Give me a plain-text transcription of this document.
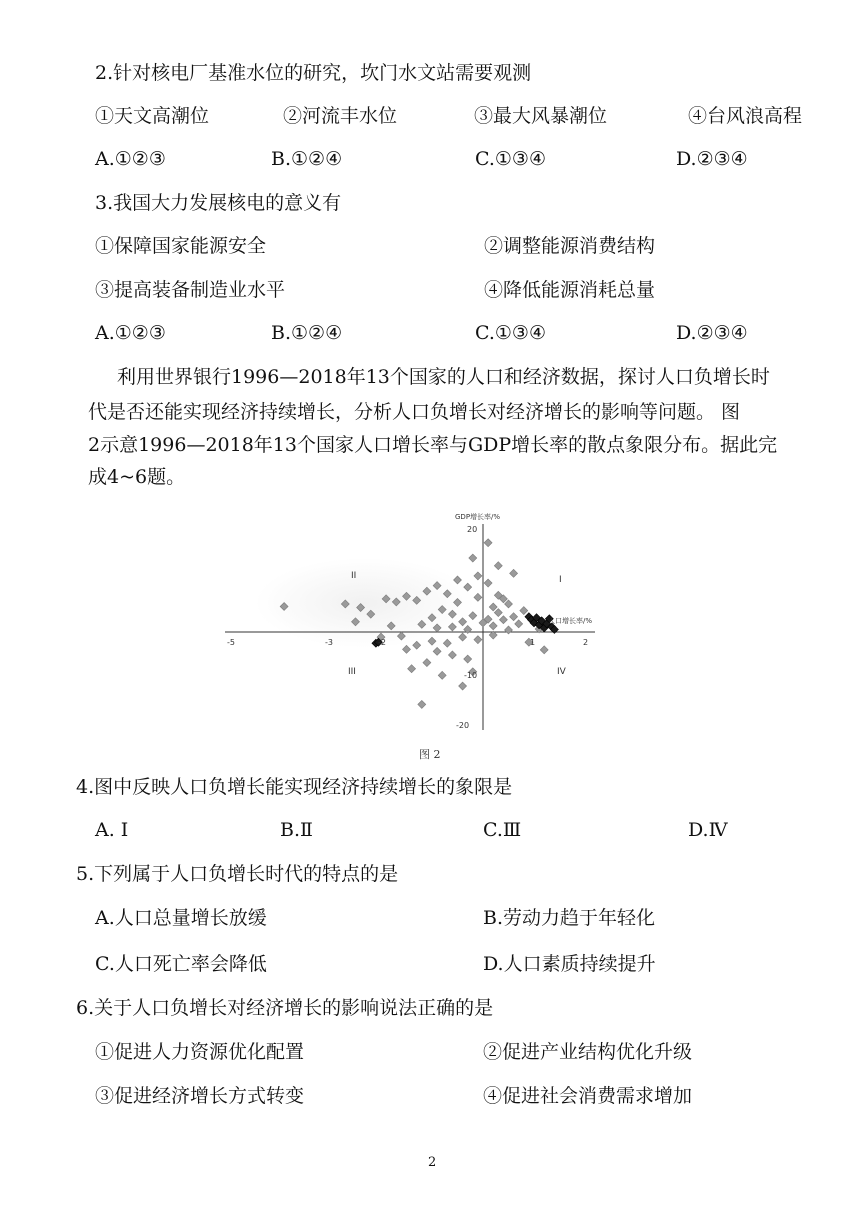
2.针对核电厂基准水位的研究，坎门水文站需要观测
①天文高潮位	②河流丰水位	③最大风暴潮位	④台风浪高程
A.①②③	B.①②④	C.①③④	D.②③④
3.我国大力发展核电的意义有
①保障国家能源安全	②调整能源消费结构
③提高装备制造业水平	④降低能源消耗总量
A.①②③	B.①②④	C.①③④	D.②③④
利用世界银行1996—2018年13个国家的人口和经济数据，探讨人口负增长时
代是否还能实现经济持续增长，分析人口负增长对经济增长的影响等问题。 图
2示意1996—2018年13个国家人口增长率与GDP增长率的散点象限分布。据此完
成4~6题。
GDP增长率/%
人口增长率/%
-5	-3	-2	1	2
20
-10
-20
I
II
III	IV
图 2
4.图中反映人口负增长能实现经济持续增长的象限是
A. Ⅰ	B.Ⅱ	C.Ⅲ	D.Ⅳ
5.下列属于人口负增长时代的特点的是
A.人口总量增长放缓	B.劳动力趋于年轻化
C.人口死亡率会降低	D.人口素质持续提升
6.关于人口负增长对经济增长的影响说法正确的是
①促进人力资源优化配置	②促进产业结构优化升级
③促进经济增长方式转变	④促进社会消费需求增加
2
